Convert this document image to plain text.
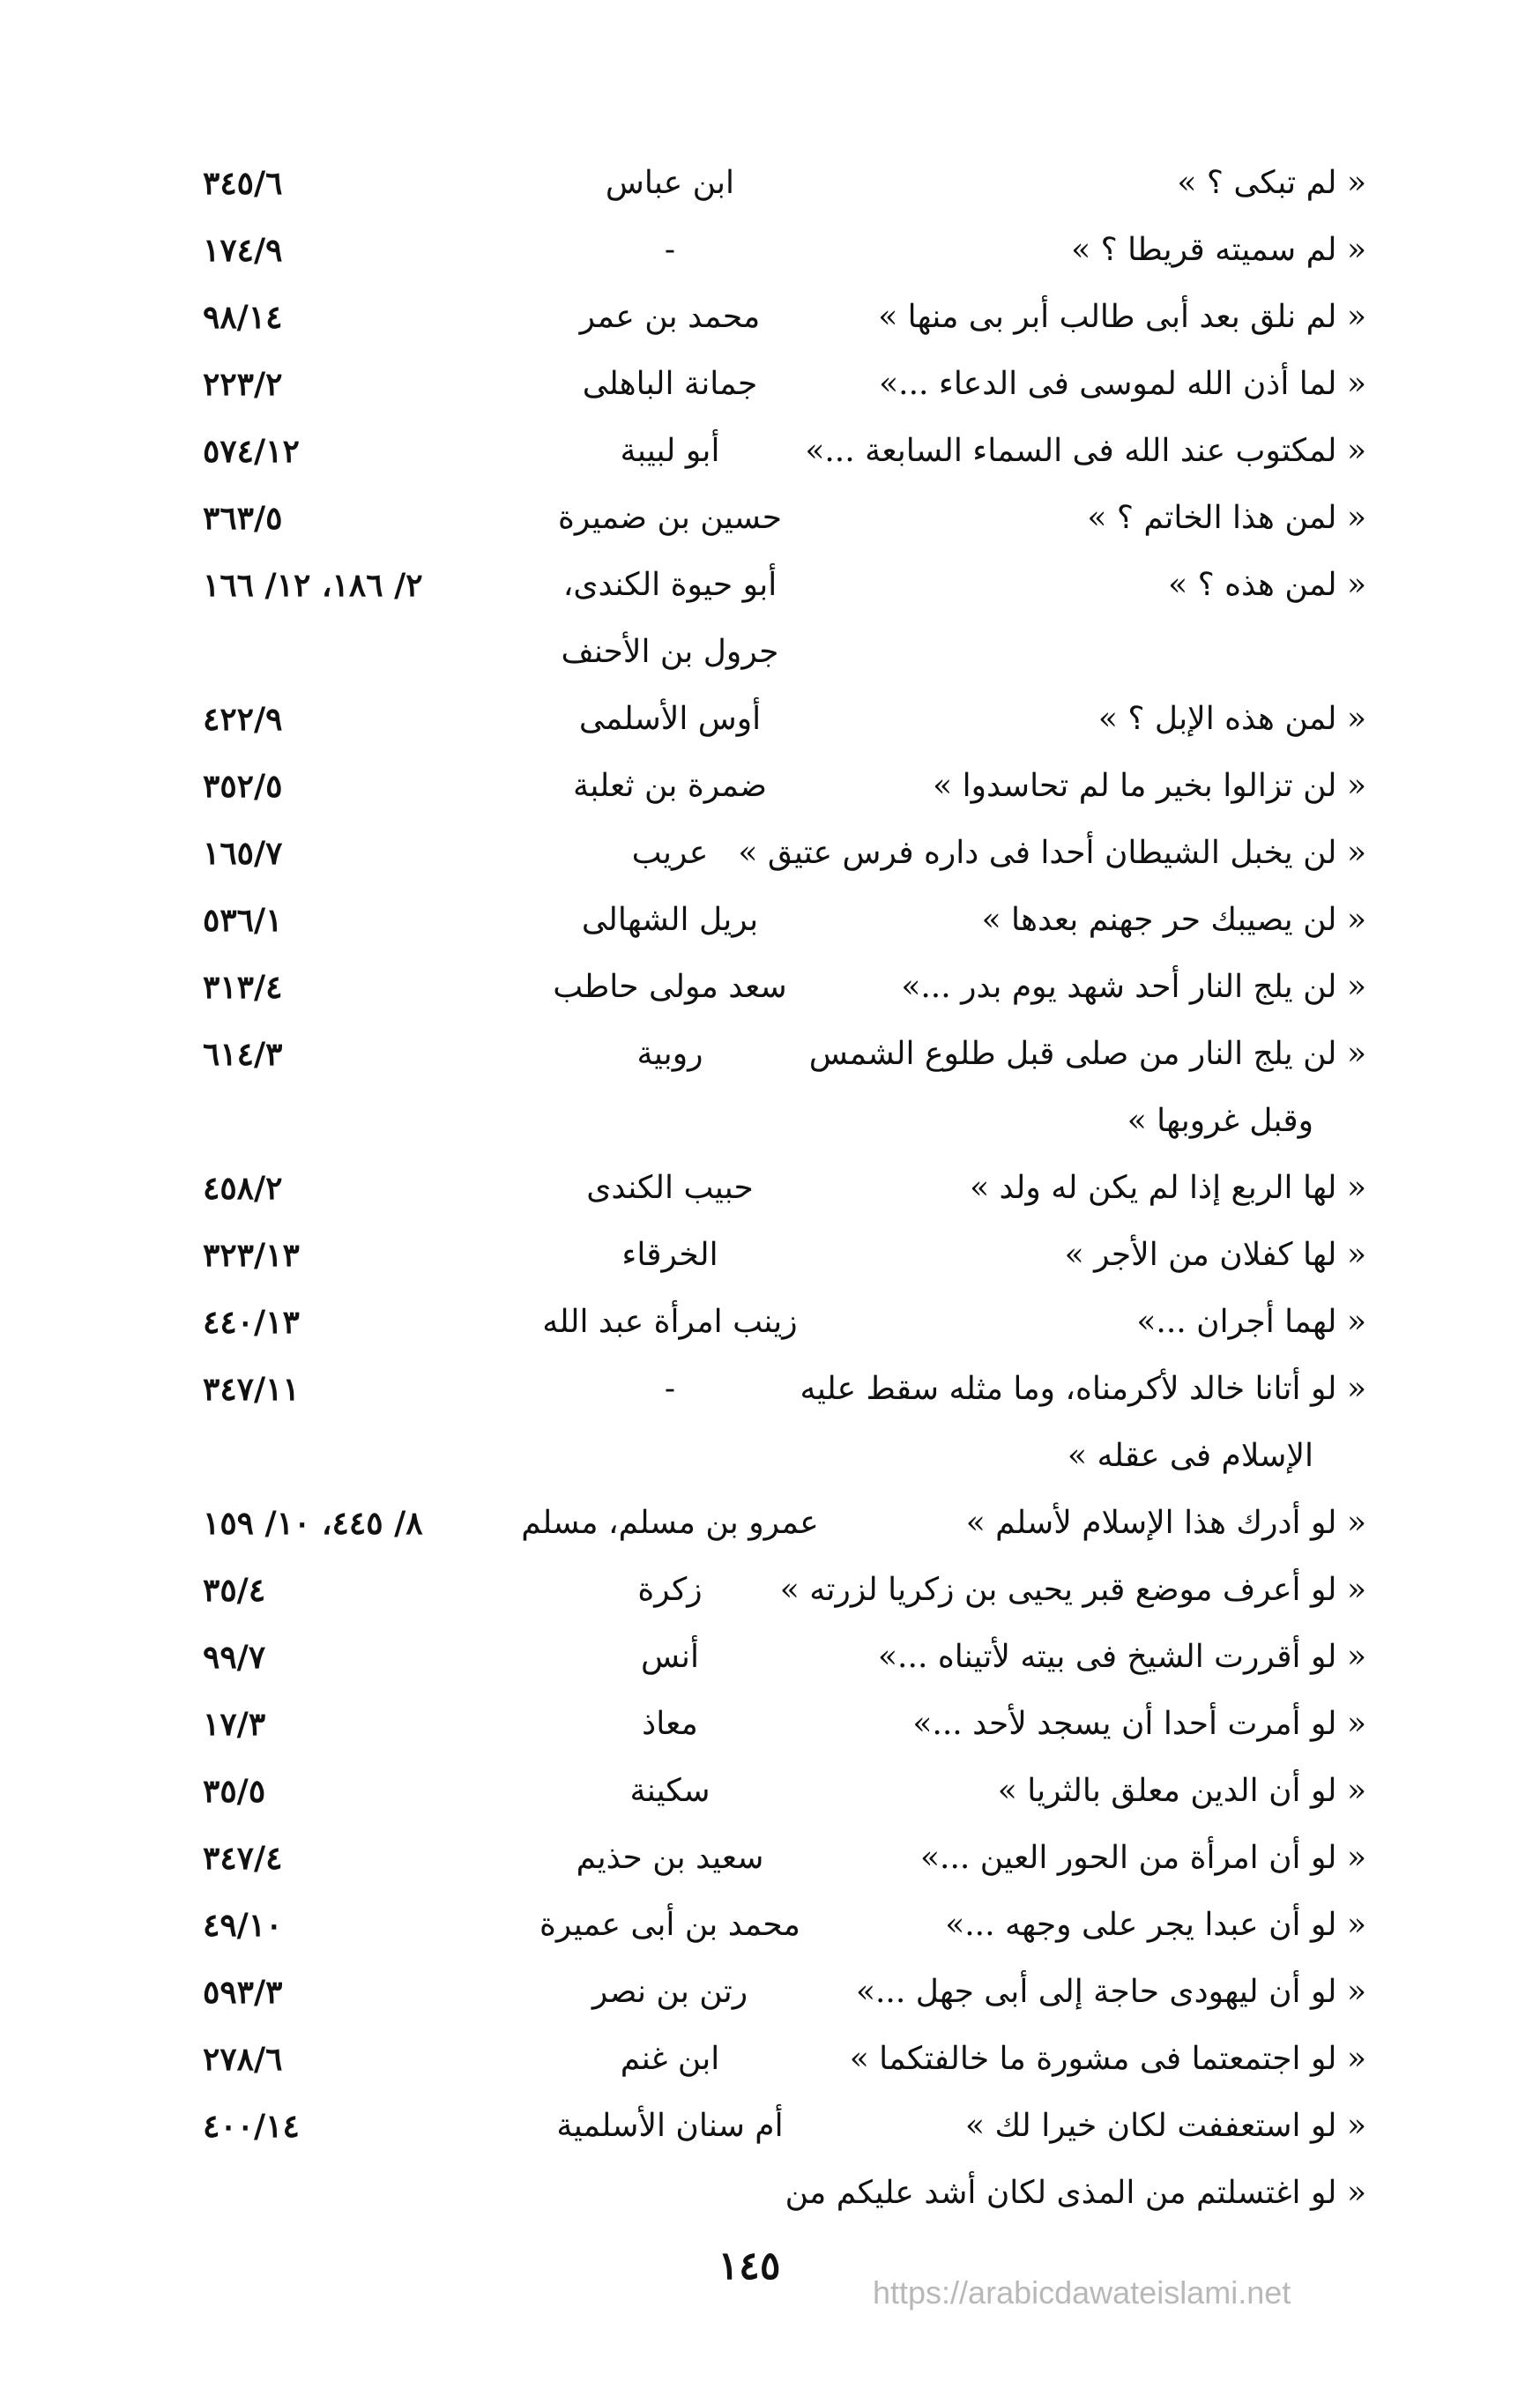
« لم تبكى ؟ »
ابن عباس
٣٤٥/٦
« لم سميته قريطا ؟ »
-
١٧٤/٩
« لم نلق بعد أبى طالب أبر بى منها »
محمد بن عمر
٩٨/١٤
« لما أذن الله لموسى فى الدعاء ...»
جمانة الباهلى
٢٢٣/٢
« لمكتوب عند الله فى السماء السابعة ...»
أبو لبيبة
٥٧٤/١٢
« لمن هذا الخاتم ؟ »
حسين بن ضميرة
٣٦٣/٥
« لمن هذه ؟ »
أبو حيوة الكندى،
٢/ ١٨٦، ١٢/ ١٦٦
جرول بن الأحنف
« لمن هذه الإبل ؟ »
أوس الأسلمى
٤٢٢/٩
« لن تزالوا بخير ما لم تحاسدوا »
ضمرة بن ثعلبة
٣٥٢/٥
« لن يخبل الشيطان أحدا فى داره فرس عتيق »
عريب
١٦٥/٧
« لن يصيبك حر جهنم بعدها »
بريل الشهالى
٥٣٦/١
« لن يلج النار أحد شهد يوم بدر ...»
سعد مولى حاطب
٣١٣/٤
« لن يلج النار من صلى قبل طلوع الشمس
روبية
٦١٤/٣
وقبل غروبها »
« لها الربع إذا لم يكن له ولد »
حبيب الكندى
٤٥٨/٢
« لها كفلان من الأجر »
الخرقاء
٣٢٣/١٣
« لهما أجران ...»
زينب امرأة عبد الله
٤٤٠/١٣
« لو أتانا خالد لأكرمناه، وما مثله سقط عليه
-
٣٤٧/١١
الإسلام فى عقله »
« لو أدرك هذا الإسلام لأسلم »
عمرو بن مسلم، مسلم
٨/ ٤٤٥، ١٠/ ١٥٩
« لو أعرف موضع قبر يحيى بن زكريا لزرته »
زكرة
٣٥/٤
« لو أقررت الشيخ فى بيته لأتيناه ...»
أنس
٩٩/٧
« لو أمرت أحدا أن يسجد لأحد ...»
معاذ
١٧/٣
« لو أن الدين معلق بالثريا »
سكينة
٣٥/٥
« لو أن امرأة من الحور العين ...»
سعيد بن حذيم
٣٤٧/٤
« لو أن عبدا يجر على وجهه ...»
محمد بن أبى عميرة
٤٩/١٠
« لو أن ليهودى حاجة إلى أبى جهل ...»
رتن بن نصر
٥٩٣/٣
« لو اجتمعتما فى مشورة ما خالفتكما »
ابن غنم
٢٧٨/٦
« لو استعففت لكان خيرا لك »
أم سنان الأسلمية
٤٠٠/١٤
« لو اغتسلتم من المذى لكان أشد عليكم من
١٤٥
https://arabicdawateislami.net
